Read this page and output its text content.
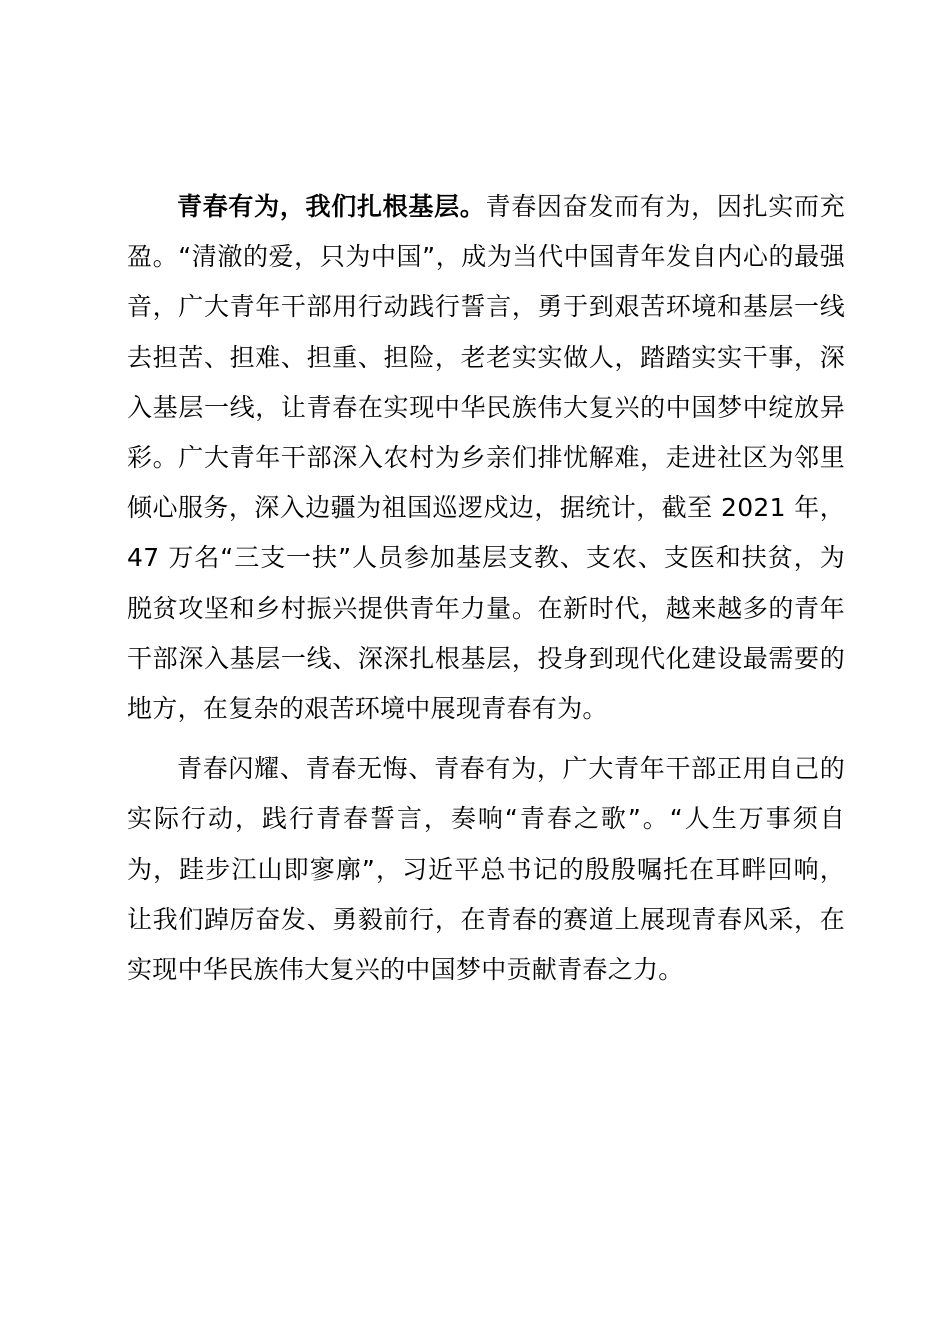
青春有为，我们扎根基层。青春因奋发而有为，因扎实而充盈。“清澈的爱，只为中国”，成为当代中国青年发自内心的最强音，广大青年干部用行动践行誓言，勇于到艰苦环境和基层一线去担苦、担难、担重、担险，老老实实做人，踏踏实实干事，深入基层一线，让青春在实现中华民族伟大复兴的中国梦中绽放异彩。广大青年干部深入农村为乡亲们排忧解难，走进社区为邻里倾心服务，深入边疆为祖国巡逻戍边，据统计，截至 2021 年，47 万名“三支一扶”人员参加基层支教、支农、支医和扶贫，为脱贫攻坚和乡村振兴提供青年力量。在新时代，越来越多的青年干部深入基层一线、深深扎根基层，投身到现代化建设最需要的地方，在复杂的艰苦环境中展现青春有为。

青春闪耀、青春无悔、青春有为，广大青年干部正用自己的实际行动，践行青春誓言，奏响“青春之歌”。“人生万事须自为，跬步江山即寥廓”，习近平总书记的殷殷嘱托在耳畔回响，让我们踔厉奋发、勇毅前行，在青春的赛道上展现青春风采，在实现中华民族伟大复兴的中国梦中贡献青春之力。
